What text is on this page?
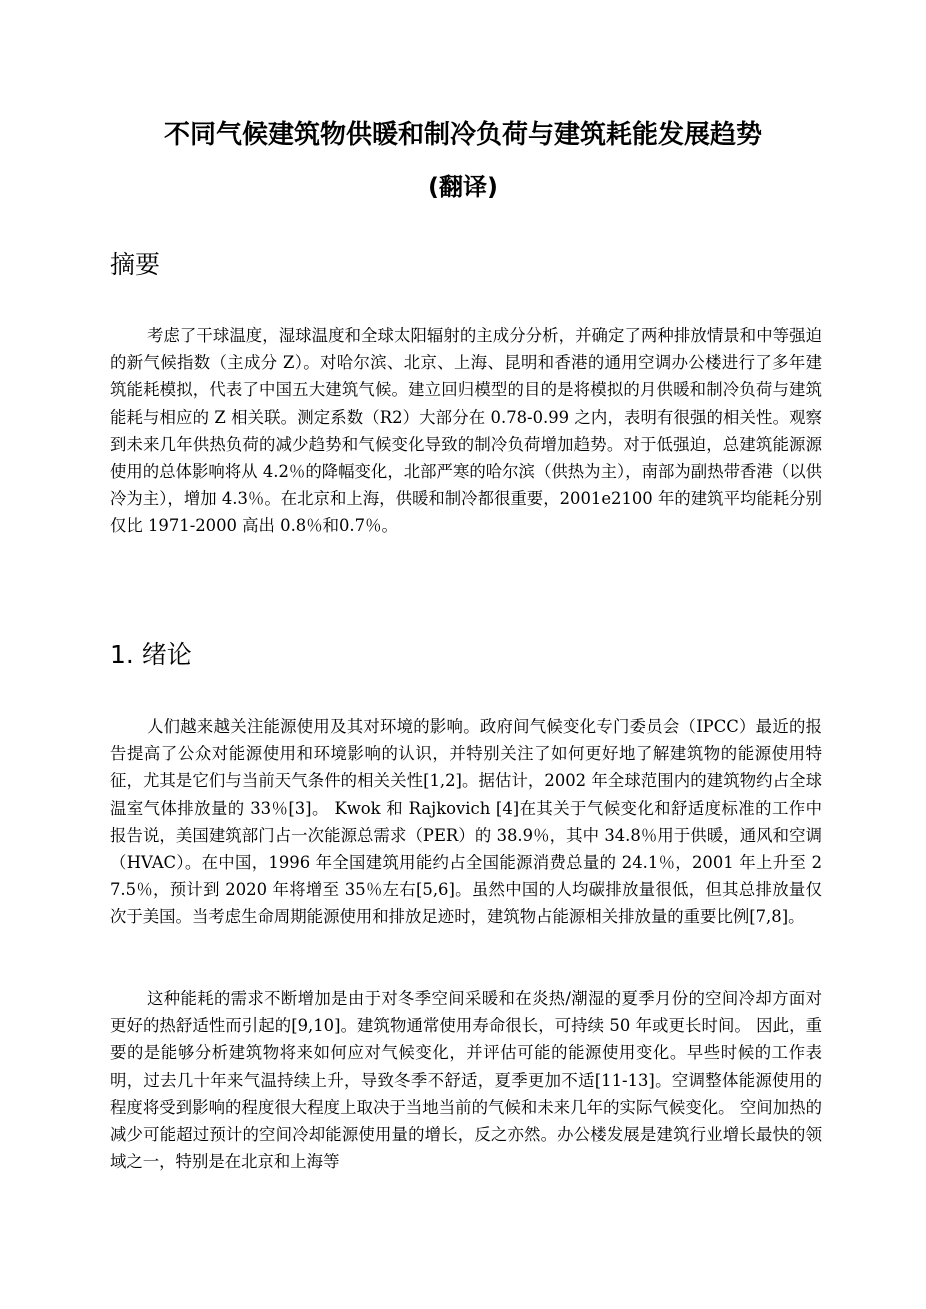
不同气候建筑物供暖和制冷负荷与建筑耗能发展趋势
(翻译)
摘要

考虑了干球温度，湿球温度和全球太阳辐射的主成分分析，并确定了两种排放情景和中等强迫的新气候指数（主成分 Z）。对哈尔滨、北京、上海、昆明和香港的通用空调办公楼进行了多年建筑能耗模拟，代表了中国五大建筑气候。建立回归模型的目的是将模拟的月供暖和制冷负荷与建筑能耗与相应的 Z 相关联。测定系数（R2）大部分在 0.78-0.99 之内，表明有很强的相关性。观察到未来几年供热负荷的减少趋势和气候变化导致的制冷负荷增加趋势。对于低强迫，总建筑能源源使用的总体影响将从 4.2％的降幅变化，北部严寒的哈尔滨（供热为主），南部为副热带香港（以供冷为主），增加 4.3％。在北京和上海，供暖和制冷都很重要，2001e2100 年的建筑平均能耗分别仅比 1971-2000 高出 0.8％和0.7％。

1. 绪论

人们越来越关注能源使用及其对环境的影响。政府间气候变化专门委员会（IPCC）最近的报告提高了公众对能源使用和环境影响的认识，并特别关注了如何更好地了解建筑物的能源使用特征，尤其是它们与当前天气条件的相关关性[1,2]。据估计，2002 年全球范围内的建筑物约占全球温室气体排放量的 33％[3]。 Kwok 和 Rajkovich [4]在其关于气候变化和舒适度标准的工作中报告说，美国建筑部门占一次能源总需求（PER）的 38.9％，其中 34.8％用于供暖，通风和空调（HVAC）。在中国，1996 年全国建筑用能约占全国能源消费总量的 24.1％，2001 年上升至 27.5％，预计到 2020 年将增至 35％左右[5,6]。虽然中国的人均碳排放量很低，但其总排放量仅次于美国。当考虑生命周期能源使用和排放足迹时，建筑物占能源相关排放量的重要比例[7,8]。

这种能耗的需求不断增加是由于对冬季空间采暖和在炎热/潮湿的夏季月份的空间冷却方面对更好的热舒适性而引起的[9,10]。建筑物通常使用寿命很长，可持续 50 年或更长时间。 因此，重要的是能够分析建筑物将来如何应对气候变化，并评估可能的能源使用变化。早些时候的工作表明，过去几十年来气温持续上升，导致冬季不舒适，夏季更加不适[11-13]。空调整体能源使用的程度将受到影响的程度很大程度上取决于当地当前的气候和未来几年的实际气候变化。 空间加热的减少可能超过预计的空间冷却能源使用量的增长，反之亦然。办公楼发展是建筑行业增长最快的领域之一，特别是在北京和上海等
